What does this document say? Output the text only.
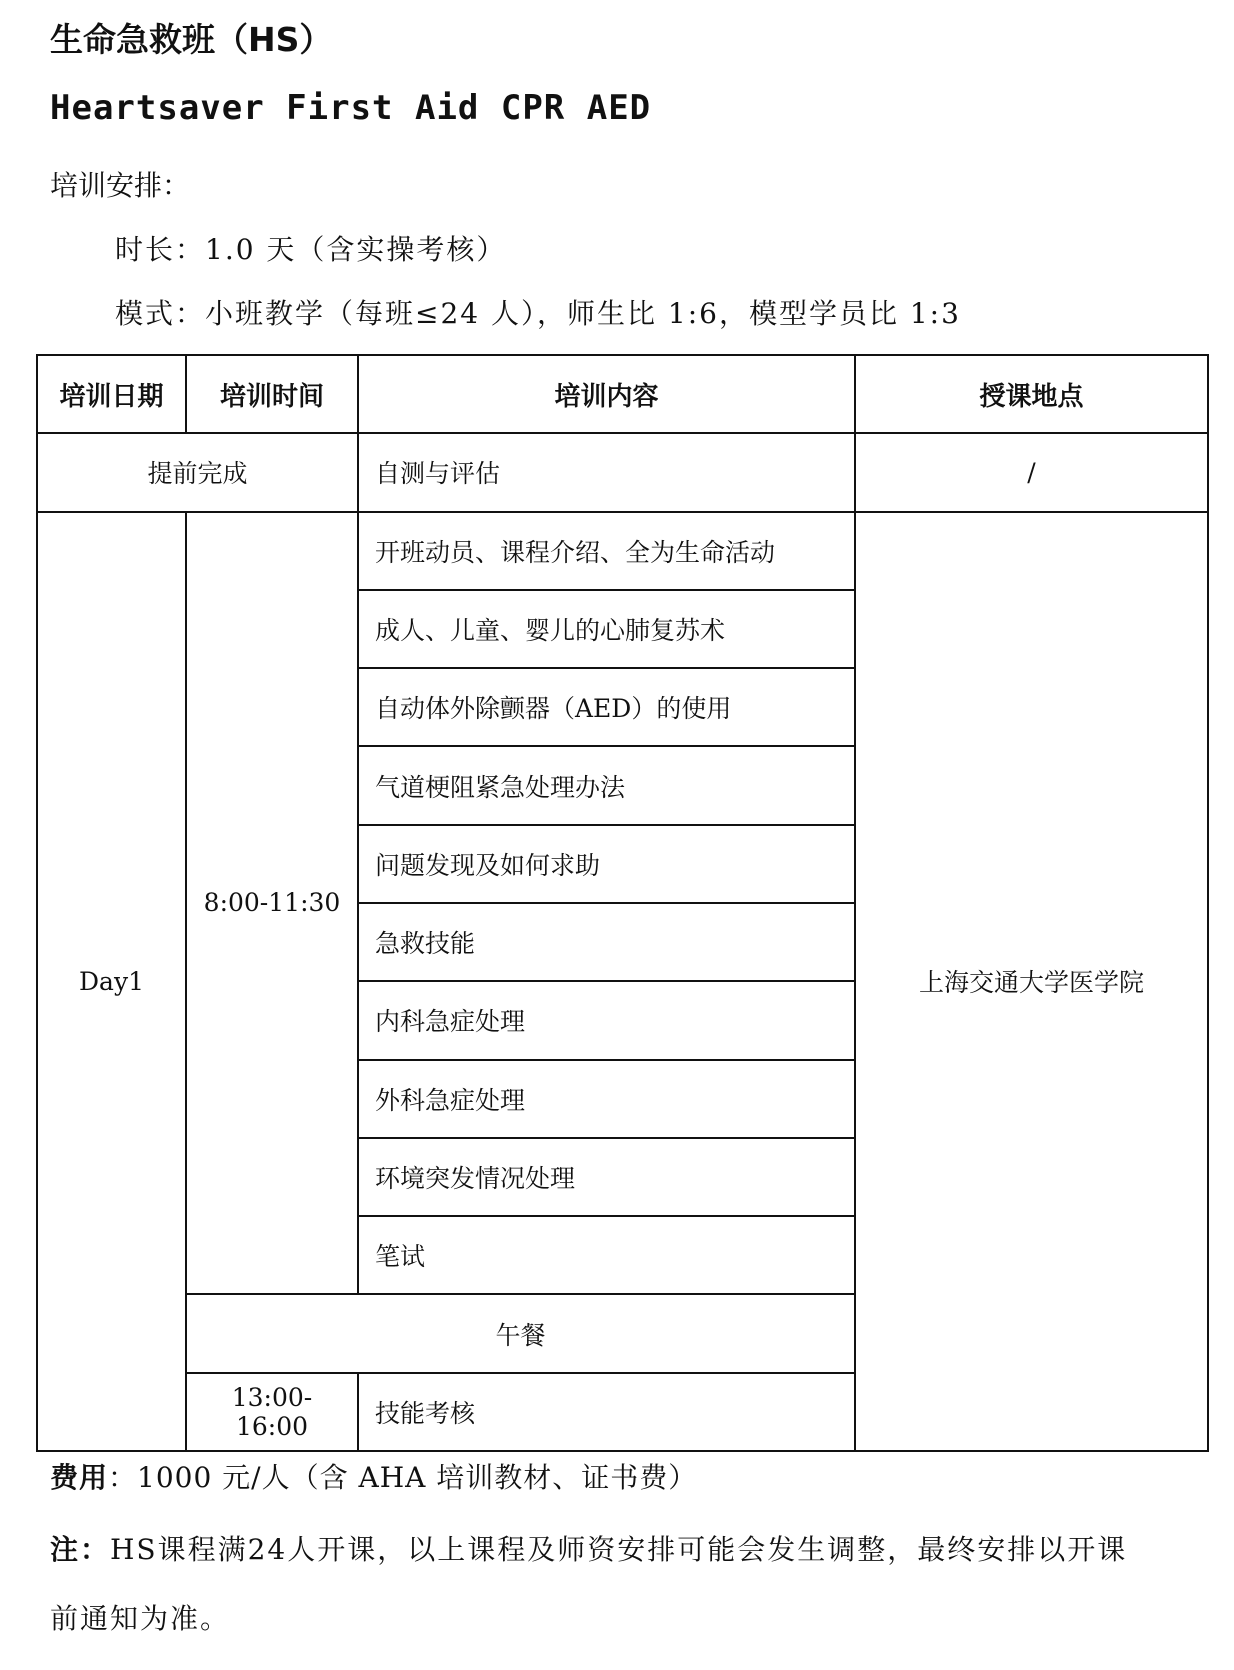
生命急救班（HS）
Heartsaver First Aid CPR AED
培训安排：
时长：1.0 天（含实操考核）
模式：小班教学（每班≤24 人），师生比 1:6，模型学员比 1:3
培训日期	培训时间	培训内容	授课地点
提前完成		自测与评估	/
Day1	8:00-11:30	开班动员、课程介绍、全为生命活动	上海交通大学医学院
		成人、儿童、婴儿的心肺复苏术	
		自动体外除颤器（AED）的使用	
		气道梗阻紧急处理办法	
		问题发现及如何求助	
		急救技能	
		内科急症处理	
		外科急症处理	
		环境突发情况处理	
		笔试	
	午餐		
	13:00-16:00	技能考核	
费用：1000 元/人（含 AHA 培训教材、证书费）
注：HS课程满24人开课，以上课程及师资安排可能会发生调整，最终安排以开课
前通知为准。
